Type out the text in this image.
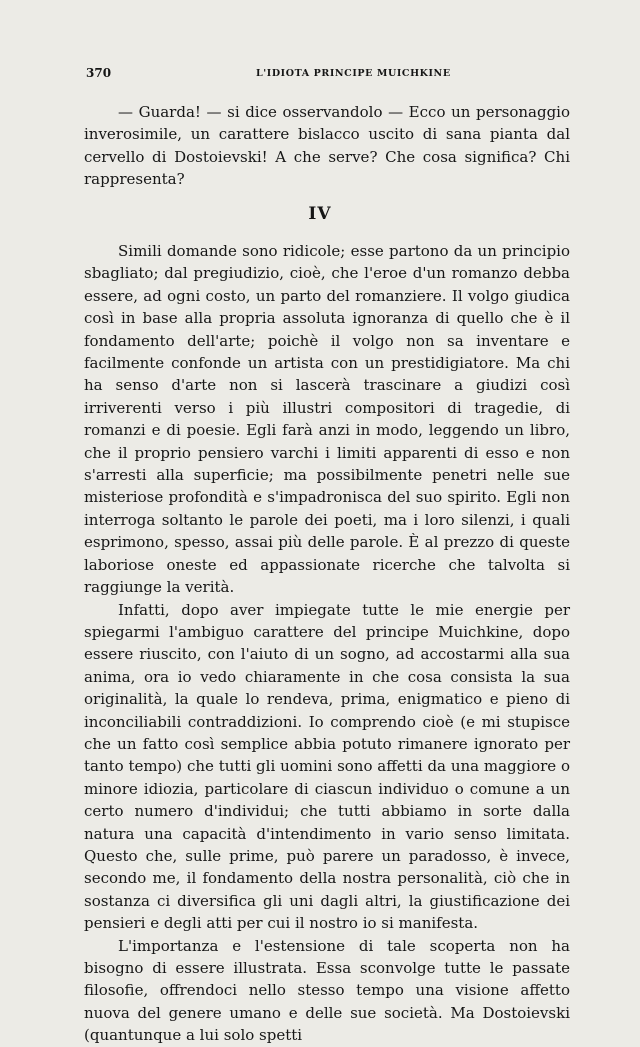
370	L'IDIOTA PRINCIPE MUICHKINE

— Guarda! — si dice osservandolo — Ecco un personaggio inverosimile, un carattere bislacco uscito di sana pianta dal cervello di Dostoievski! A che serve? Che cosa significa? Chi rappresenta?

IV

Simili domande sono ridicole; esse partono da un principio sbagliato; dal pregiudizio, cioè, che l'eroe d'un romanzo debba essere, ad ogni costo, un parto del romanziere. Il volgo giudica così in base alla propria assoluta ignoranza di quello che è il fondamento dell'arte; poichè il volgo non sa inventare e facilmente confonde un artista con un prestidigiatore. Ma chi ha senso d'arte non si lascerà trascinare a giudizi così irriverenti verso i più illustri compositori di tragedie, di romanzi e di poesie. Egli farà anzi in modo, leggendo un libro, che il proprio pensiero varchi i limiti apparenti di esso e non s'arresti alla superficie; ma possibilmente penetri nelle sue misteriose profondità e s'impadronisca del suo spirito. Egli non interroga soltanto le parole dei poeti, ma i loro silenzi, i quali esprimono, spesso, assai più delle parole. È al prezzo di queste laboriose oneste ed appassionate ricerche che talvolta si raggiunge la verità.

Infatti, dopo aver impiegate tutte le mie energie per spiegarmi l'ambiguo carattere del principe Muichkine, dopo essere riuscito, con l'aiuto di un sogno, ad accostarmi alla sua anima, ora io vedo chiaramente in che cosa consista la sua originalità, la quale lo rendeva, prima, enigmatico e pieno di inconciliabili contraddizioni. Io comprendo cioè (e mi stupisce che un fatto così semplice abbia potuto rimanere ignorato per tanto tempo) che tutti gli uomini sono affetti da una maggiore o minore idiozia, particolare di ciascun individuo o comune a un certo numero d'individui; che tutti abbiamo in sorte dalla natura una capacità d'intendimento in vario senso limitata. Questo che, sulle prime, può parere un paradosso, è invece, secondo me, il fondamento della nostra personalità, ciò che in sostanza ci diversifica gli uni dagli altri, la giustificazione dei pensieri e degli atti per cui il nostro io si manifesta.

L'importanza e l'estensione di tale scoperta non ha bisogno di essere illustrata. Essa sconvolge tutte le passate filosofie, offrendoci nello stesso tempo una visione affetto nuova del genere umano e delle sue società. Ma Dostoievski (quantunque a lui solo spetti
